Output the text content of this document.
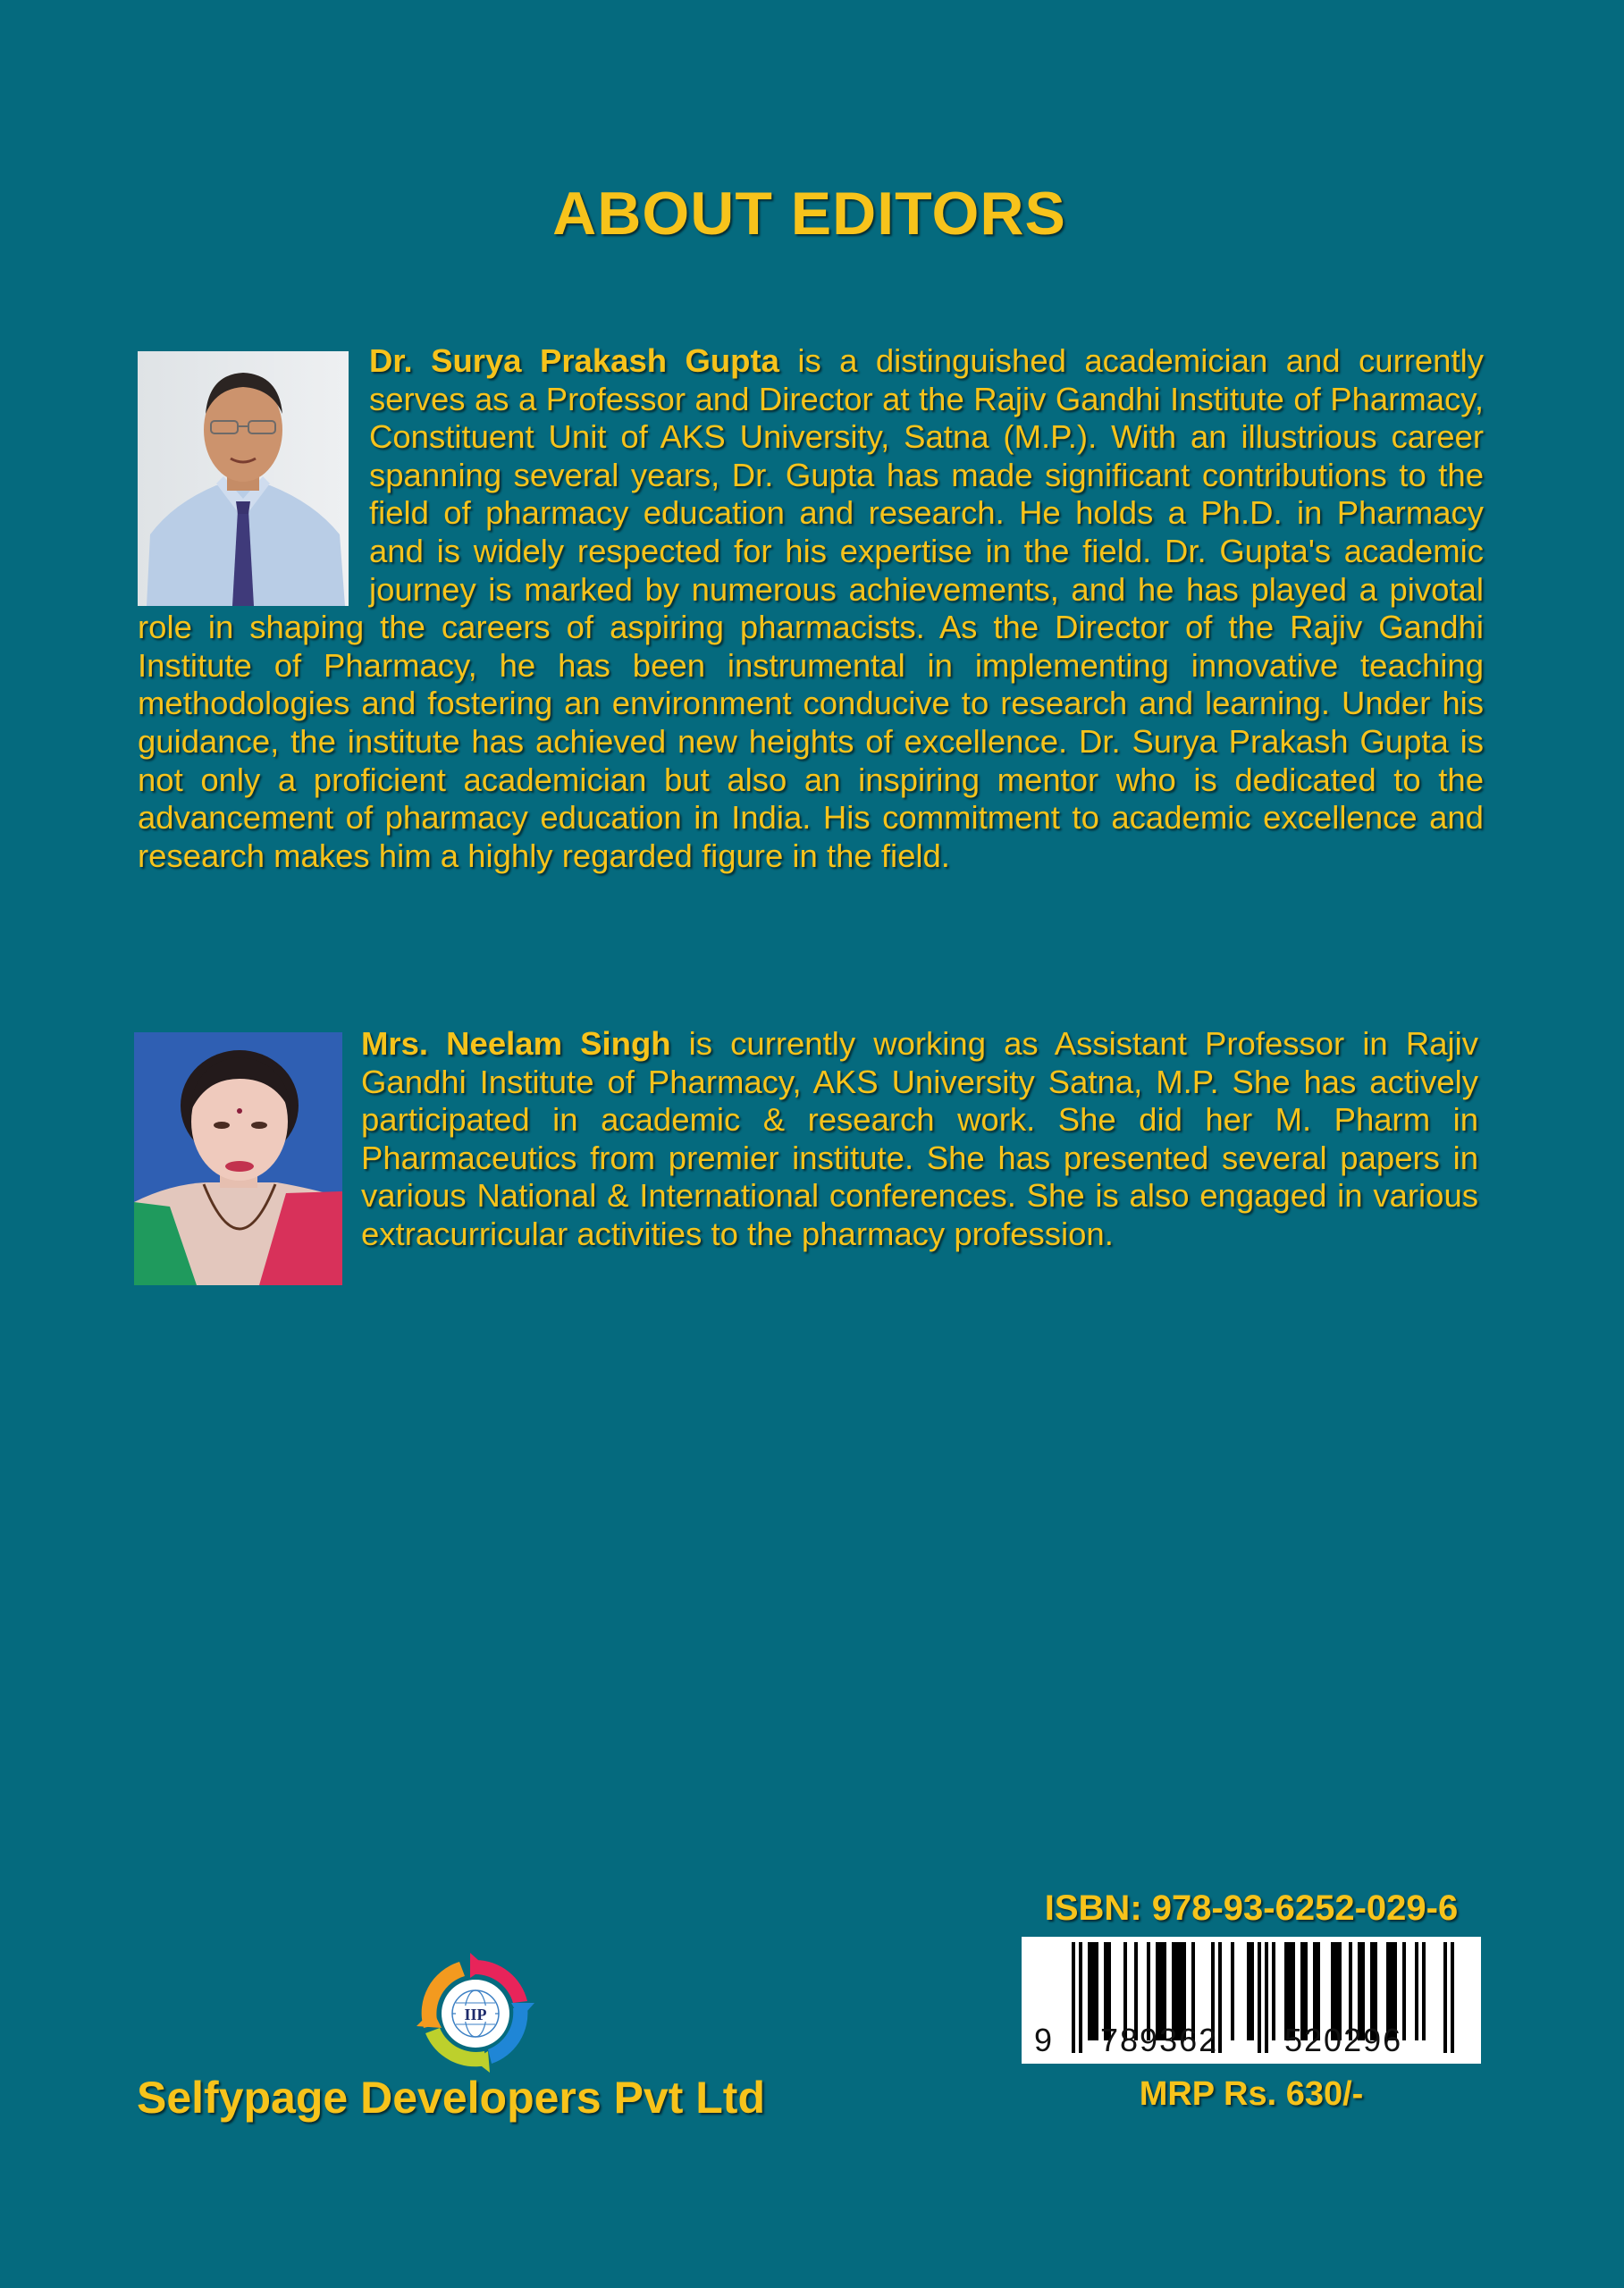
ABOUT EDITORS

Dr. Surya Prakash Gupta is a distinguished academician and currently serves as a Professor and Director at the Rajiv Gandhi Institute of Pharmacy, Constituent Unit of AKS University, Satna (M.P.). With an illustrious career spanning several years, Dr. Gupta has made significant contributions to the field of pharmacy education and research. He holds a Ph.D. in Pharmacy and is widely respected for his expertise in the field. Dr. Gupta's academic journey is marked by numerous achievements, and he has played a pivotal role in shaping the careers of aspiring pharmacists. As the Director of the Rajiv Gandhi Institute of Pharmacy, he has been instrumental in implementing innovative teaching methodologies and fostering an environment conducive to research and learning. Under his guidance, the institute has achieved new heights of excellence. Dr. Surya Prakash Gupta is not only a proficient academician but also an inspiring mentor who is dedicated to the advancement of pharmacy education in India. His commitment to academic excellence and research makes him a highly regarded figure in the field.

Mrs. Neelam Singh is currently working as Assistant Professor in Rajiv Gandhi Institute of Pharmacy, AKS University Satna, M.P. She has actively participated in academic & research work. She did her M. Pharm in Pharmaceutics from premier institute. She has presented several papers in various National & International conferences. She is also engaged in various extracurricular activities to the pharmacy profession.

IIP

Selfypage Developers Pvt Ltd

ISBN: 978-93-6252-029-6

9 789362 520296

MRP Rs. 630/-
